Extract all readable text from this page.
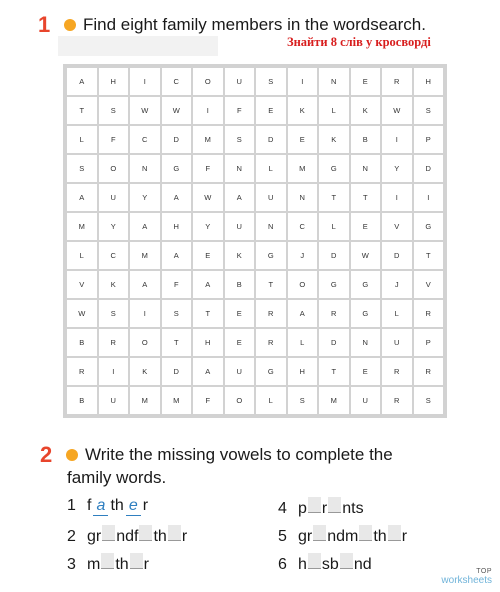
1 Find eight family members in the wordsearch.
Знайти 8 слів у кросворді
A	H	I	C	O	U	S	I	N	E	R	H
T	S	W	W	I	F	E	K	L	K	W	S
L	F	C	D	M	S	D	E	K	B	I	P
S	O	N	G	F	N	L	M	G	N	Y	D
A	U	Y	A	W	A	U	N	T	T	I	I
M	Y	A	H	Y	U	N	C	L	E	V	G
L	C	M	A	E	K	G	J	D	W	D	T
V	K	A	F	A	B	T	O	G	G	J	V
W	S	I	S	T	E	R	A	R	G	L	R
B	R	O	T	H	E	R	L	D	N	U	P
R	I	K	D	A	U	G	H	T	E	R	R
B	U	M	M	F	O	L	S	M	U	R	S
2 Write the missing vowels to complete the
family words.
1 f a th e r
2 gr ndf th r
3 m th r
4 p r nts
5 gr ndm th r
6 h sb nd	TOP
worksheets
